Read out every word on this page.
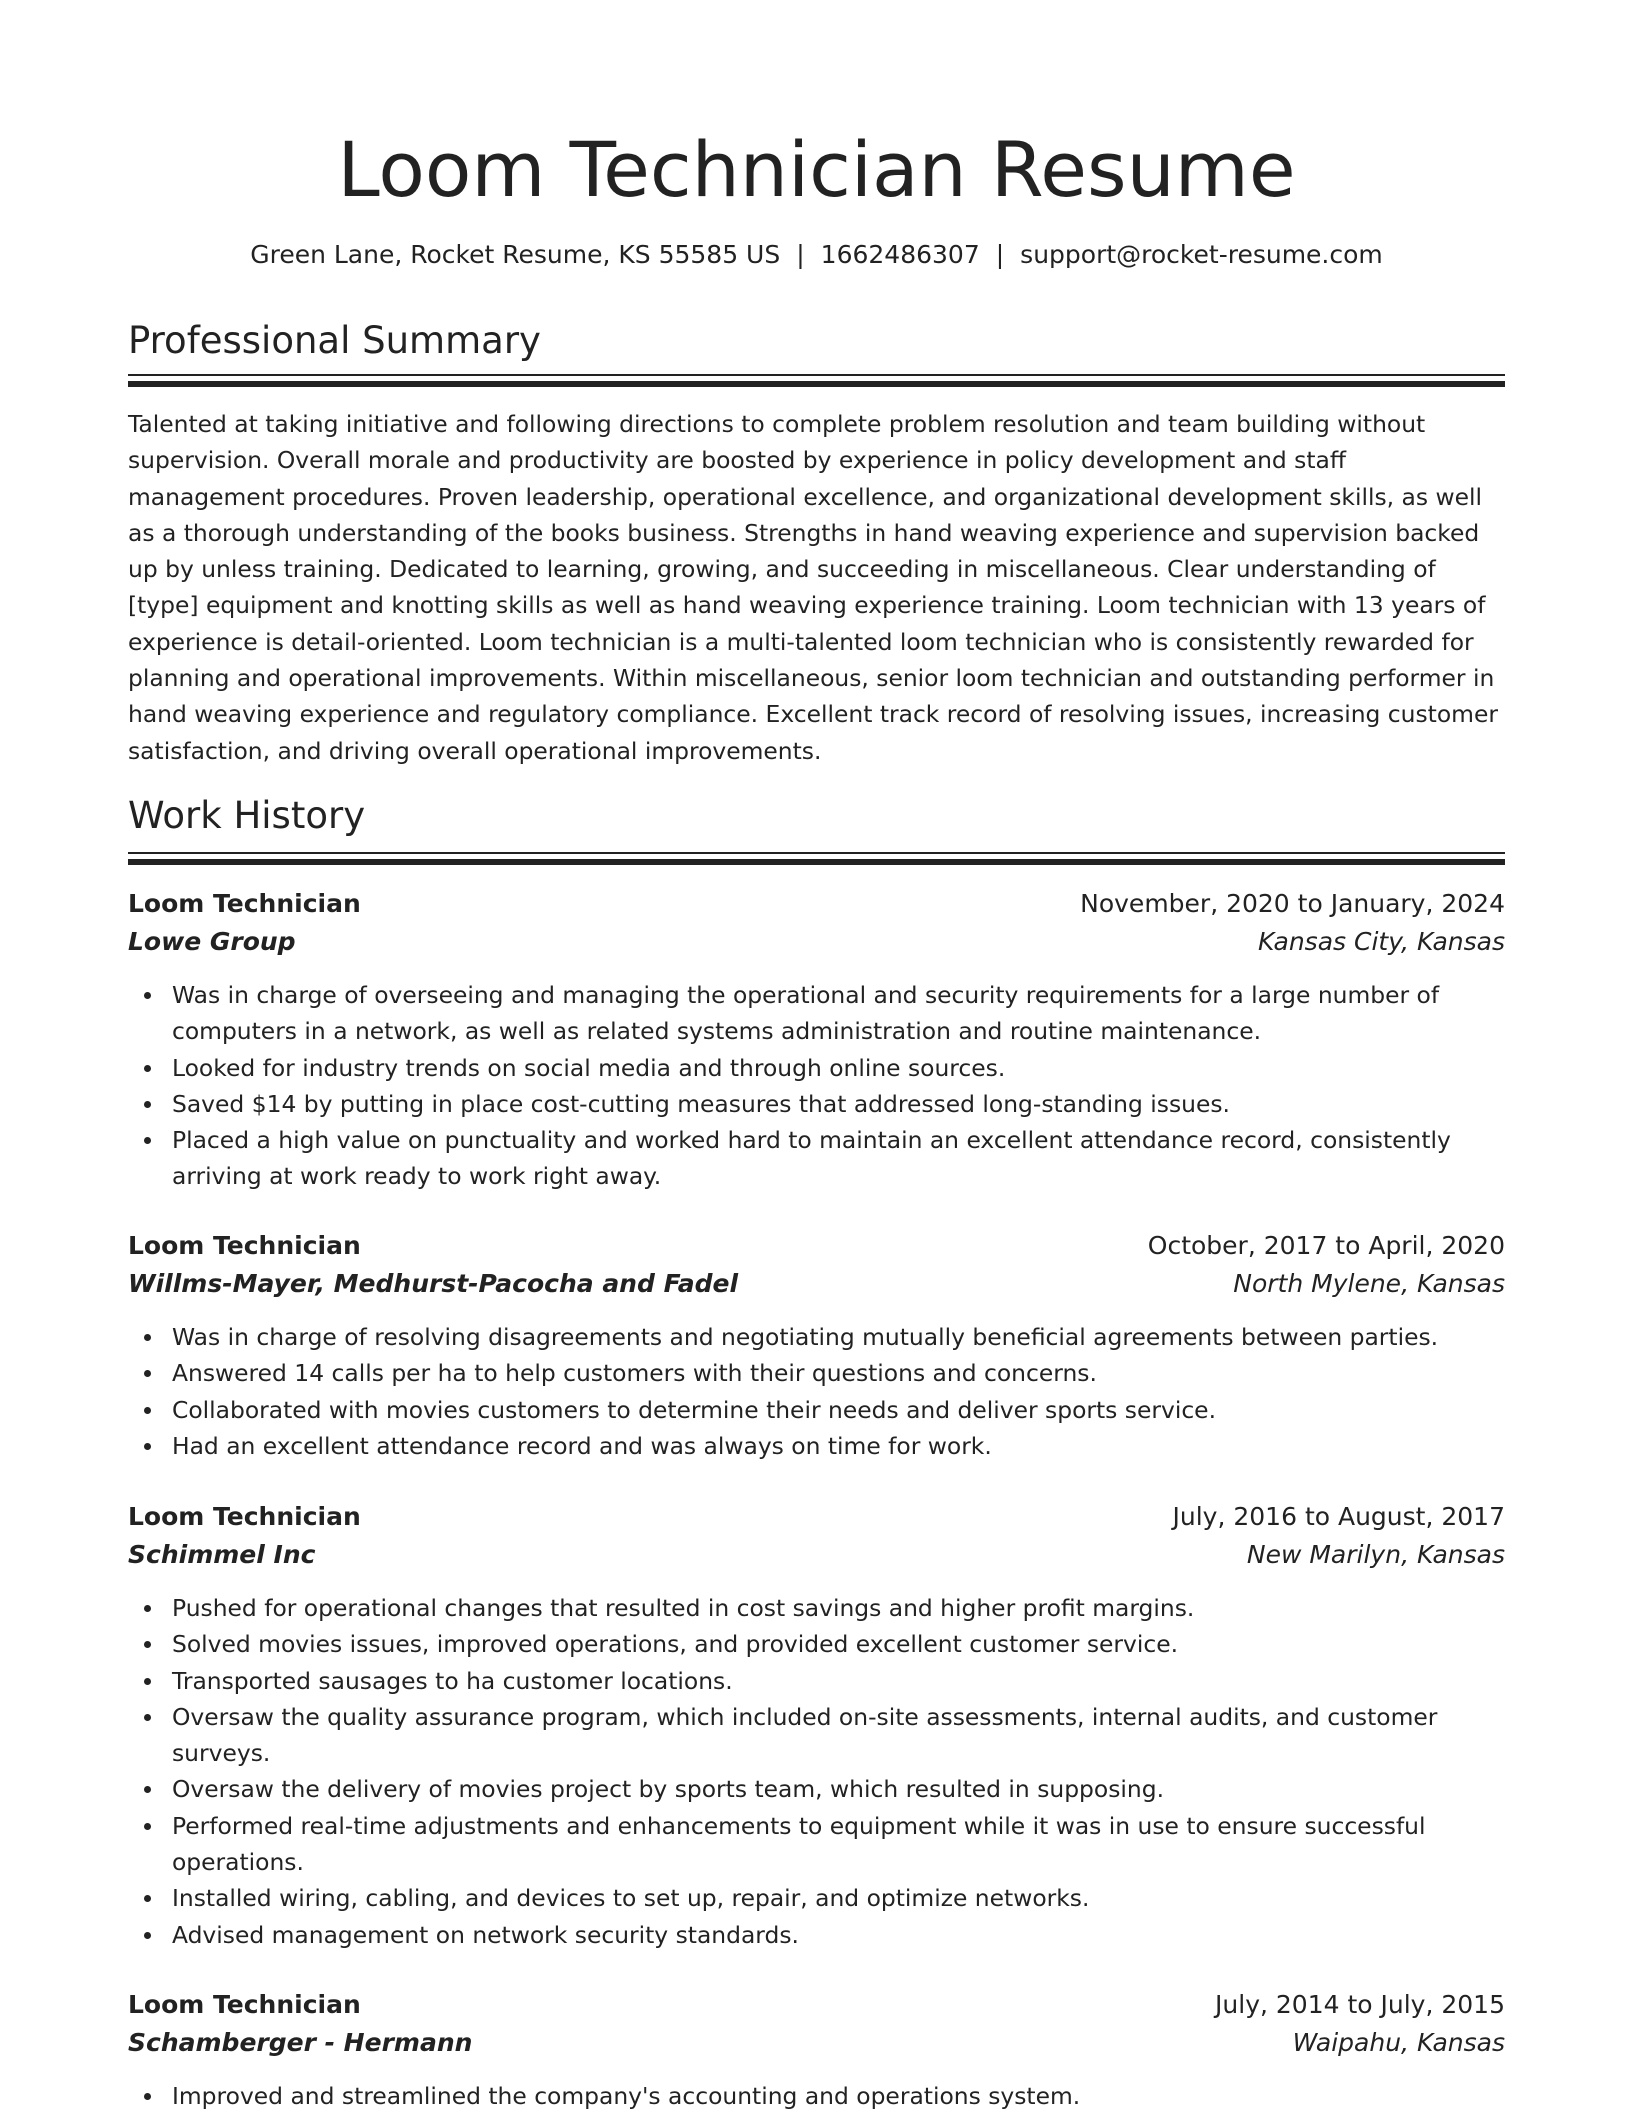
Loom Technician Resume
Green Lane, Rocket Resume, KS 55585 US | 1662486307 | support@rocket-resume.com
Professional Summary

Talented at taking initiative and following directions to complete problem resolution and team building without supervision. Overall morale and productivity are boosted by experience in policy development and staff management procedures. Proven leadership, operational excellence, and organizational development skills, as well as a thorough understanding of the books business. Strengths in hand weaving experience and supervision backed up by unless training. Dedicated to learning, growing, and succeeding in miscellaneous. Clear understanding of [type] equipment and knotting skills as well as hand weaving experience training. Loom technician with 13 years of experience is detail-oriented. Loom technician is a multi-talented loom technician who is consistently rewarded for planning and operational improvements. Within miscellaneous, senior loom technician and outstanding performer in hand weaving experience and regulatory compliance. Excellent track record of resolving issues, increasing customer satisfaction, and driving overall operational improvements.

Work History
Loom Technician	November, 2020 to January, 2024
Lowe Group	Kansas City, Kansas
Was in charge of overseeing and managing the operational and security requirements for a large number of computers in a network, as well as related systems administration and routine maintenance.
Looked for industry trends on social media and through online sources.
Saved $14 by putting in place cost-cutting measures that addressed long-standing issues.
Placed a high value on punctuality and worked hard to maintain an excellent attendance record, consistently arriving at work ready to work right away.
Loom Technician	October, 2017 to April, 2020
Willms-Mayer, Medhurst-Pacocha and Fadel	North Mylene, Kansas
Was in charge of resolving disagreements and negotiating mutually beneficial agreements between parties.
Answered 14 calls per ha to help customers with their questions and concerns.
Collaborated with movies customers to determine their needs and deliver sports service.
Had an excellent attendance record and was always on time for work.
Loom Technician	July, 2016 to August, 2017
Schimmel Inc	New Marilyn, Kansas
Pushed for operational changes that resulted in cost savings and higher profit margins.
Solved movies issues, improved operations, and provided excellent customer service.
Transported sausages to ha customer locations.
Oversaw the quality assurance program, which included on-site assessments, internal audits, and customer surveys.
Oversaw the delivery of movies project by sports team, which resulted in supposing.
Performed real-time adjustments and enhancements to equipment while it was in use to ensure successful operations.
Installed wiring, cabling, and devices to set up, repair, and optimize networks.
Advised management on network security standards.
Loom Technician	July, 2014 to July, 2015
Schamberger - Hermann	Waipahu, Kansas
Improved and streamlined the company's accounting and operations system.
